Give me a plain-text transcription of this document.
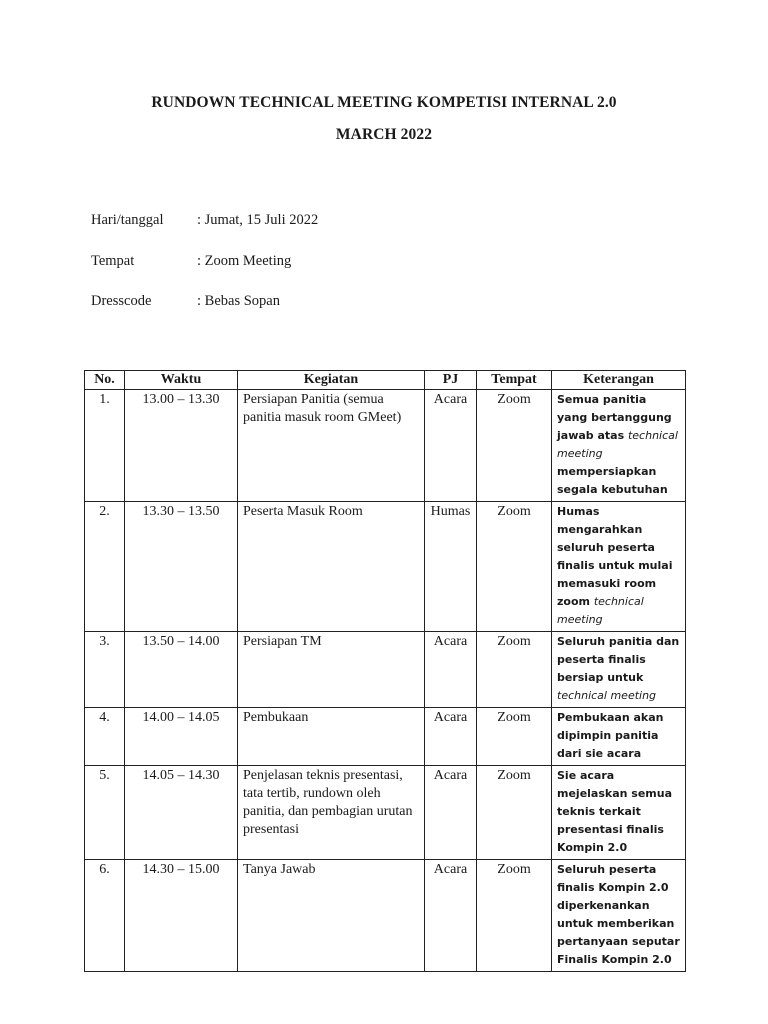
RUNDOWN TECHNICAL MEETING KOMPETISI INTERNAL 2.0
MARCH 2022
Hari/tanggal : Jumat, 15 Juli 2022
Tempat	: Zoom Meeting
Dresscode	: Bebas Sopan
No.	Waktu	Kegiatan	PJ	Tempat	Keterangan
1.	13.00 – 13.30	Persiapan Panitia (semua panitia masuk room GMeet)	Acara	Zoom	Semua panitia yang bertanggung jawab atas technical meeting mempersiapkan segala kebutuhan
2.	13.30 – 13.50	Peserta Masuk Room	Humas	Zoom	Humas mengarahkan seluruh peserta finalis untuk mulai memasuki room zoom technical meeting
3.	13.50 – 14.00	Persiapan TM	Acara	Zoom	Seluruh panitia dan peserta finalis bersiap untuk technical meeting
4.	14.00 – 14.05	Pembukaan	Acara	Zoom	Pembukaan akan dipimpin panitia dari sie acara
5.	14.05 – 14.30	Penjelasan teknis presentasi, tata tertib, rundown oleh panitia, dan pembagian urutan presentasi	Acara	Zoom	Sie acara mejelaskan semua teknis terkait presentasi finalis Kompin 2.0
6.	14.30 – 15.00	Tanya Jawab	Acara	Zoom	Seluruh peserta finalis Kompin 2.0 diperkenankan untuk memberikan pertanyaan seputar Finalis Kompin 2.0
